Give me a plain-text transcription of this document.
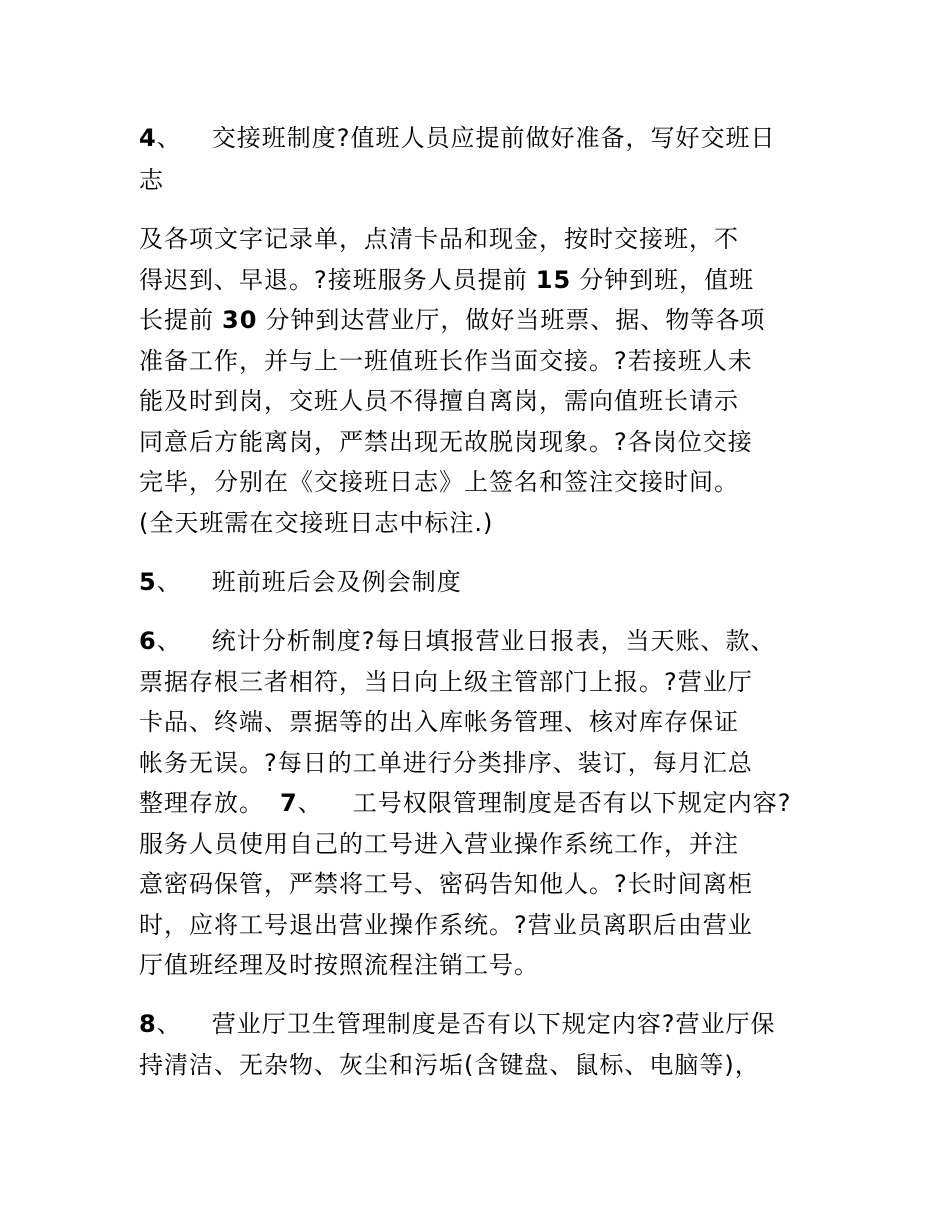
4、 交接班制度?值班人员应提前做好准备，写好交班日
志
及各项文字记录单，点清卡品和现金，按时交接班，不
得迟到、早退。?接班服务人员提前 15 分钟到班，值班
长提前 30 分钟到达营业厅，做好当班票、据、物等各项
准备工作，并与上一班值班长作当面交接。?若接班人未
能及时到岗，交班人员不得擅自离岗，需向值班长请示
同意后方能离岗，严禁出现无故脱岗现象。?各岗位交接
完毕，分别在《交接班日志》上签名和签注交接时间。
(全天班需在交接班日志中标注.)
5、 班前班后会及例会制度
6、 统计分析制度?每日填报营业日报表，当天账、款、
票据存根三者相符，当日向上级主管部门上报。?营业厅
卡品、终端、票据等的出入库帐务管理、核对库存保证
帐务无误。?每日的工单进行分类排序、装订，每月汇总
整理存放。 7、 工号权限管理制度是否有以下规定内容?
服务人员使用自己的工号进入营业操作系统工作，并注
意密码保管，严禁将工号、密码告知他人。?长时间离柜
时，应将工号退出营业操作系统。?营业员离职后由营业
厅值班经理及时按照流程注销工号。
8、 营业厅卫生管理制度是否有以下规定内容?营业厅保
持清洁、无杂物、灰尘和污垢(含键盘、鼠标、电脑等)，
